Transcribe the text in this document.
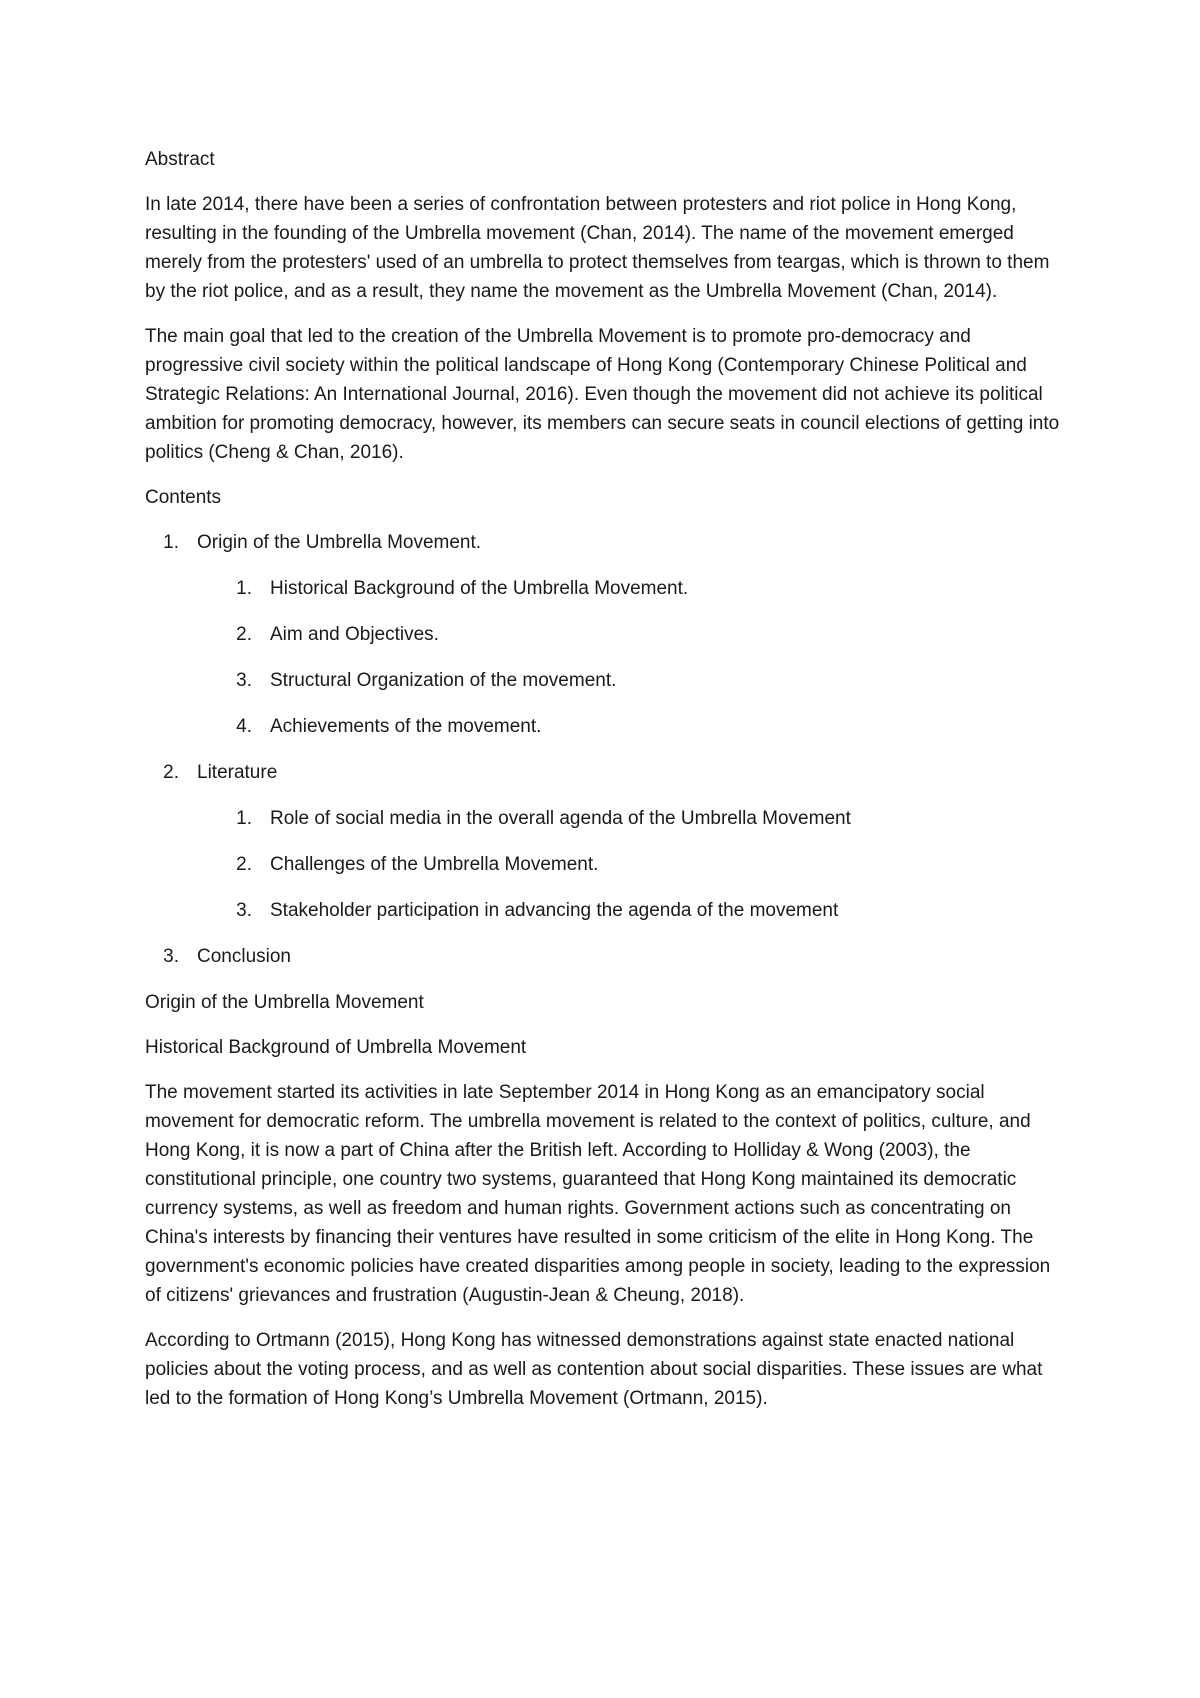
Abstract

In late 2014, there have been a series of confrontation between protesters and riot police in Hong Kong, resulting in the founding of the Umbrella movement (Chan, 2014). The name of the movement emerged merely from the protesters' used of an umbrella to protect themselves from teargas, which is thrown to them by the riot police, and as a result, they name the movement as the Umbrella Movement (Chan, 2014).

The main goal that led to the creation of the Umbrella Movement is to promote pro-democracy and progressive civil society within the political landscape of Hong Kong (Contemporary Chinese Political and Strategic Relations: An International Journal, 2016). Even though the movement did not achieve its political ambition for promoting democracy, however, its members can secure seats in council elections of getting into politics (Cheng & Chan, 2016).

Contents
1. Origin of the Umbrella Movement.
1. Historical Background of the Umbrella Movement.
2. Aim and Objectives.
3. Structural Organization of the movement.
4. Achievements of the movement.
2. Literature
1. Role of social media in the overall agenda of the Umbrella Movement
2. Challenges of the Umbrella Movement.
3. Stakeholder participation in advancing the agenda of the movement
3. Conclusion
Origin of the Umbrella Movement
Historical Background of Umbrella Movement

The movement started its activities in late September 2014 in Hong Kong as an emancipatory social movement for democratic reform. The umbrella movement is related to the context of politics, culture, and Hong Kong, it is now a part of China after the British left. According to Holliday & Wong (2003), the constitutional principle, one country two systems, guaranteed that Hong Kong maintained its democratic currency systems, as well as freedom and human rights. Government actions such as concentrating on China's interests by financing their ventures have resulted in some criticism of the elite in Hong Kong. The government's economic policies have created disparities among people in society, leading to the expression of citizens' grievances and frustration (Augustin-Jean & Cheung, 2018).

According to Ortmann (2015), Hong Kong has witnessed demonstrations against state enacted national policies about the voting process, and as well as contention about social disparities. These issues are what led to the formation of Hong Kong’s Umbrella Movement (Ortmann, 2015).
